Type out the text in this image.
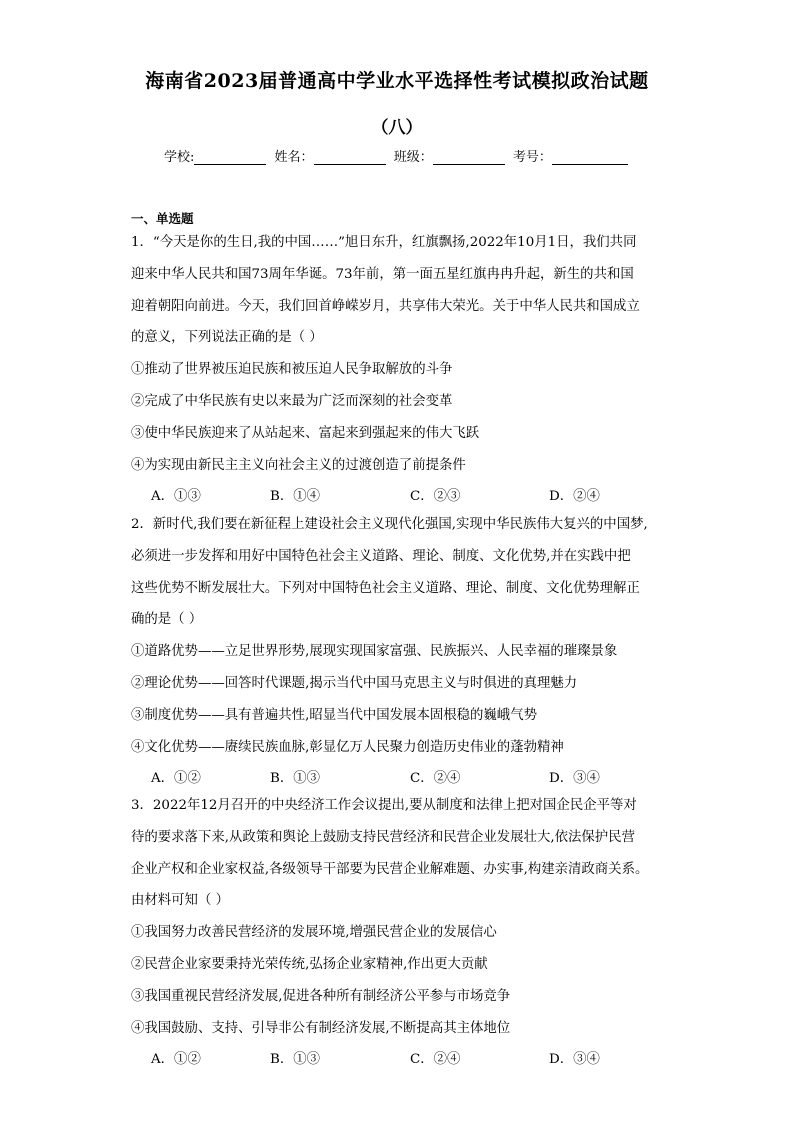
海南省2023届普通高中学业水平选择性考试模拟政治试题
（八）
学校:	姓名：	班级：	考号：
一、单选题
1．“今天是你的生日,我的中国……”旭日东升，红旗飘扬,2022年10月1日，我们共同
迎来中华人民共和国73周年华诞。73年前，第一面五星红旗冉冉升起，新生的共和国
迎着朝阳向前进。今天，我们回首峥嵘岁月，共享伟大荣光。关于中华人民共和国成立
的意义，下列说法正确的是（ ）
①推动了世界被压迫民族和被压迫人民争取解放的斗争
②完成了中华民族有史以来最为广泛而深刻的社会变革
③使中华民族迎来了从站起来、富起来到强起来的伟大飞跃
④为实现由新民主主义向社会主义的过渡创造了前提条件
A．①③	B．①④	C．②③	D．②④
2．新时代,我们要在新征程上建设社会主义现代化强国,实现中华民族伟大复兴的中国梦,
必须进一步发挥和用好中国特色社会主义道路、理论、制度、文化优势,并在实践中把
这些优势不断发展壮大。下列对中国特色社会主义道路、理论、制度、文化优势理解正
确的是（ ）
①道路优势——立足世界形势,展现实现国家富强、民族振兴、人民幸福的璀璨景象
②理论优势——回答时代课题,揭示当代中国马克思主义与时俱进的真理魅力
③制度优势——具有普遍共性,昭显当代中国发展本固根稳的巍峨气势
④文化优势——赓续民族血脉,彰显亿万人民聚力创造历史伟业的蓬勃精神
A．①②	B．①③	C．②④	D．③④
3．2022年12月召开的中央经济工作会议提出,要从制度和法律上把对国企民企平等对
待的要求落下来,从政策和舆论上鼓励支持民营经济和民营企业发展壮大,依法保护民营
企业产权和企业家权益,各级领导干部要为民营企业解难题、办实事,构建亲清政商关系。
由材料可知（ ）
①我国努力改善民营经济的发展环境,增强民营企业的发展信心
②民营企业家要秉持光荣传统,弘扬企业家精神,作出更大贡献
③我国重视民营经济发展,促进各种所有制经济公平参与市场竞争
④我国鼓励、支持、引导非公有制经济发展,不断提高其主体地位
A．①②	B．①③	C．②④	D．③④
